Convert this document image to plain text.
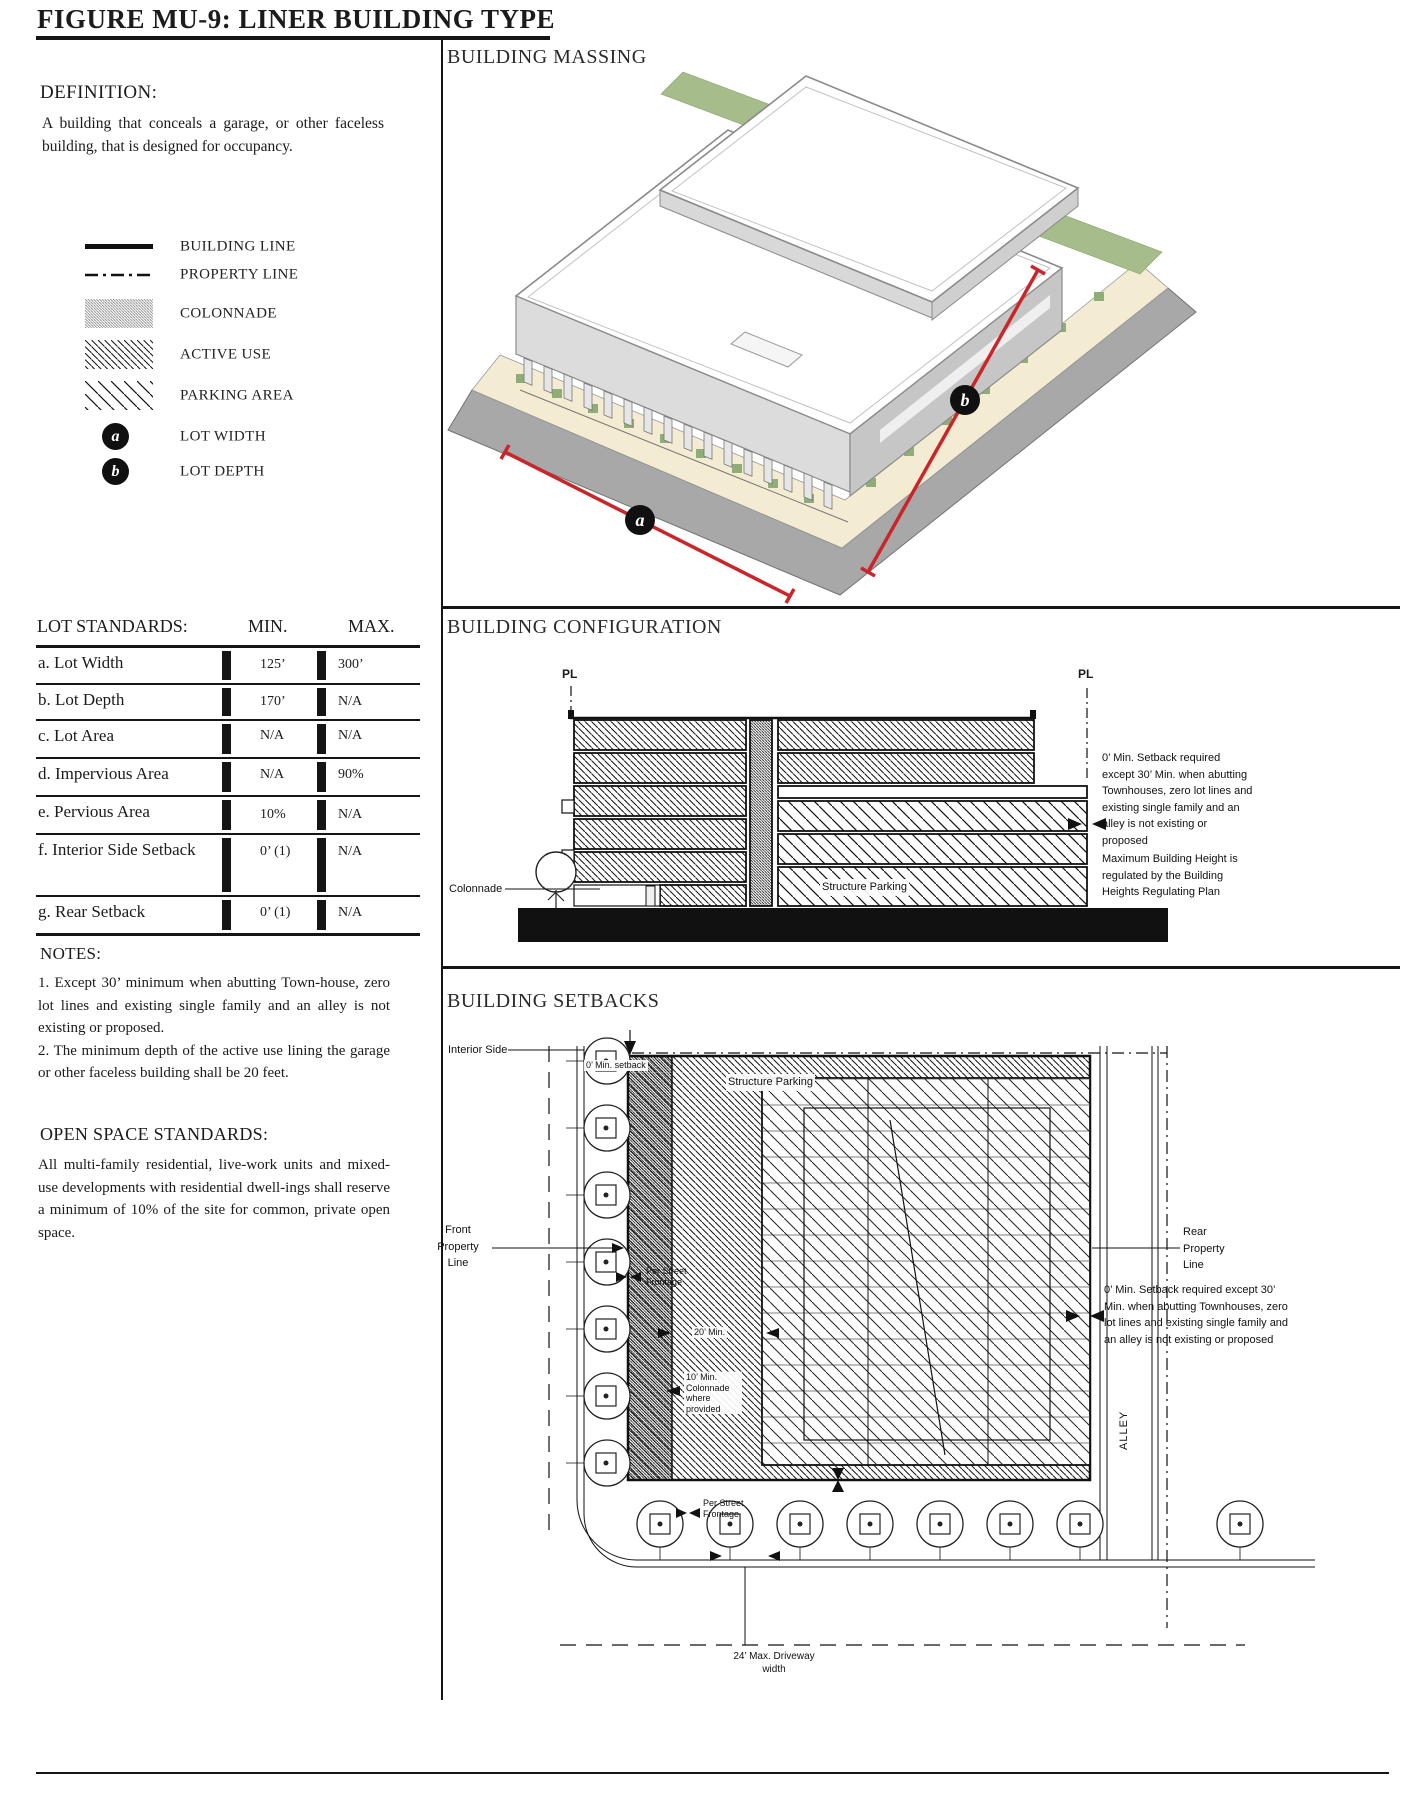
FIGURE MU-9: LINER BUILDING TYPE
DEFINITION:
A building that conceals a garage, or other faceless building, that is designed for occupancy.
BUILDING LINE
PROPERTY LINE
COLONNADE
ACTIVE USE
PARKING AREA
a	LOT WIDTH
b	LOT DEPTH
LOT STANDARDS:	MIN.	MAX.
a. Lot Width	125’	300’
b. Lot Depth	170’	N/A
c. Lot Area	N/A	N/A
d. Impervious Area	N/A	90%
e. Pervious Area	10%	N/A
f. Interior Side Setback	0’ (1)	N/A
g. Rear Setback	0’ (1)	N/A
NOTES:

1. Except 30’ minimum when abutting Town-house, zero lot lines and existing single family and an alley is not existing or proposed.

2. The minimum depth of the active use lining the garage or other faceless building shall be 20 feet.

OPEN SPACE STANDARDS:
All multi-family residential, live-work units and mixed-use developments with residential dwell-ings shall reserve a minimum of 10% of the site for common, private open space.
BUILDING MASSING
a
b
BUILDING CONFIGURATION
PL	PL
Colonnade	Structure Parking

0’ Min. Setback required except 30’ Min. when abutting Townhouses, zero lot lines and existing single family and an alley is not existing or proposed

Maximum Building Height is regulated by the Building Heights Regulating Plan

BUILDING SETBACKS
Interior Side
0’ Min. setback
Structure Parking
Rear Property Line
0’ Min. Setback required except 30’ Min. when abutting Townhouses, zero lot lines and existing single family and an alley is not existing or proposed
ALLEY
Front Property Line
Per Street Frontage
20’ Min.
10’ Min. Colonnade where provided
Per Street Frontage
24’ Max. Driveway width
